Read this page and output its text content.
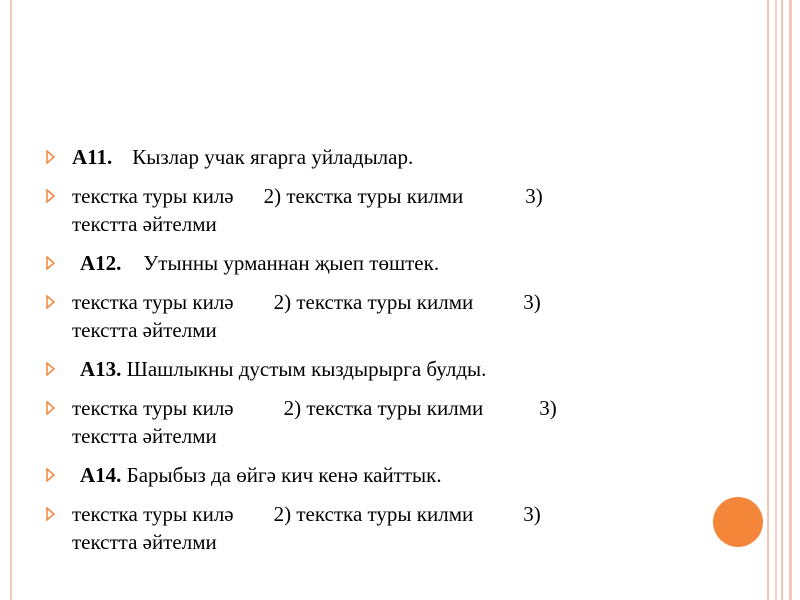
А11. Кызлар учак ягарга уйладылар.
текстка туры килә 2) текстка туры килми	3)
текстта әйтелми
А12. Утынны урманнан җыеп төштек.
текстка туры килә 2) текстка туры килми 3)
текстта әйтелми
А13. Шашлыкны дустым кыздырырга булды.
текстка туры килә 2) текстка туры килми	3)
текстта әйтелми
А14. Барыбыз да өйгә кич кенә кайттык.
текстка туры килә 2) текстка туры килми 3)
текстта әйтелми
